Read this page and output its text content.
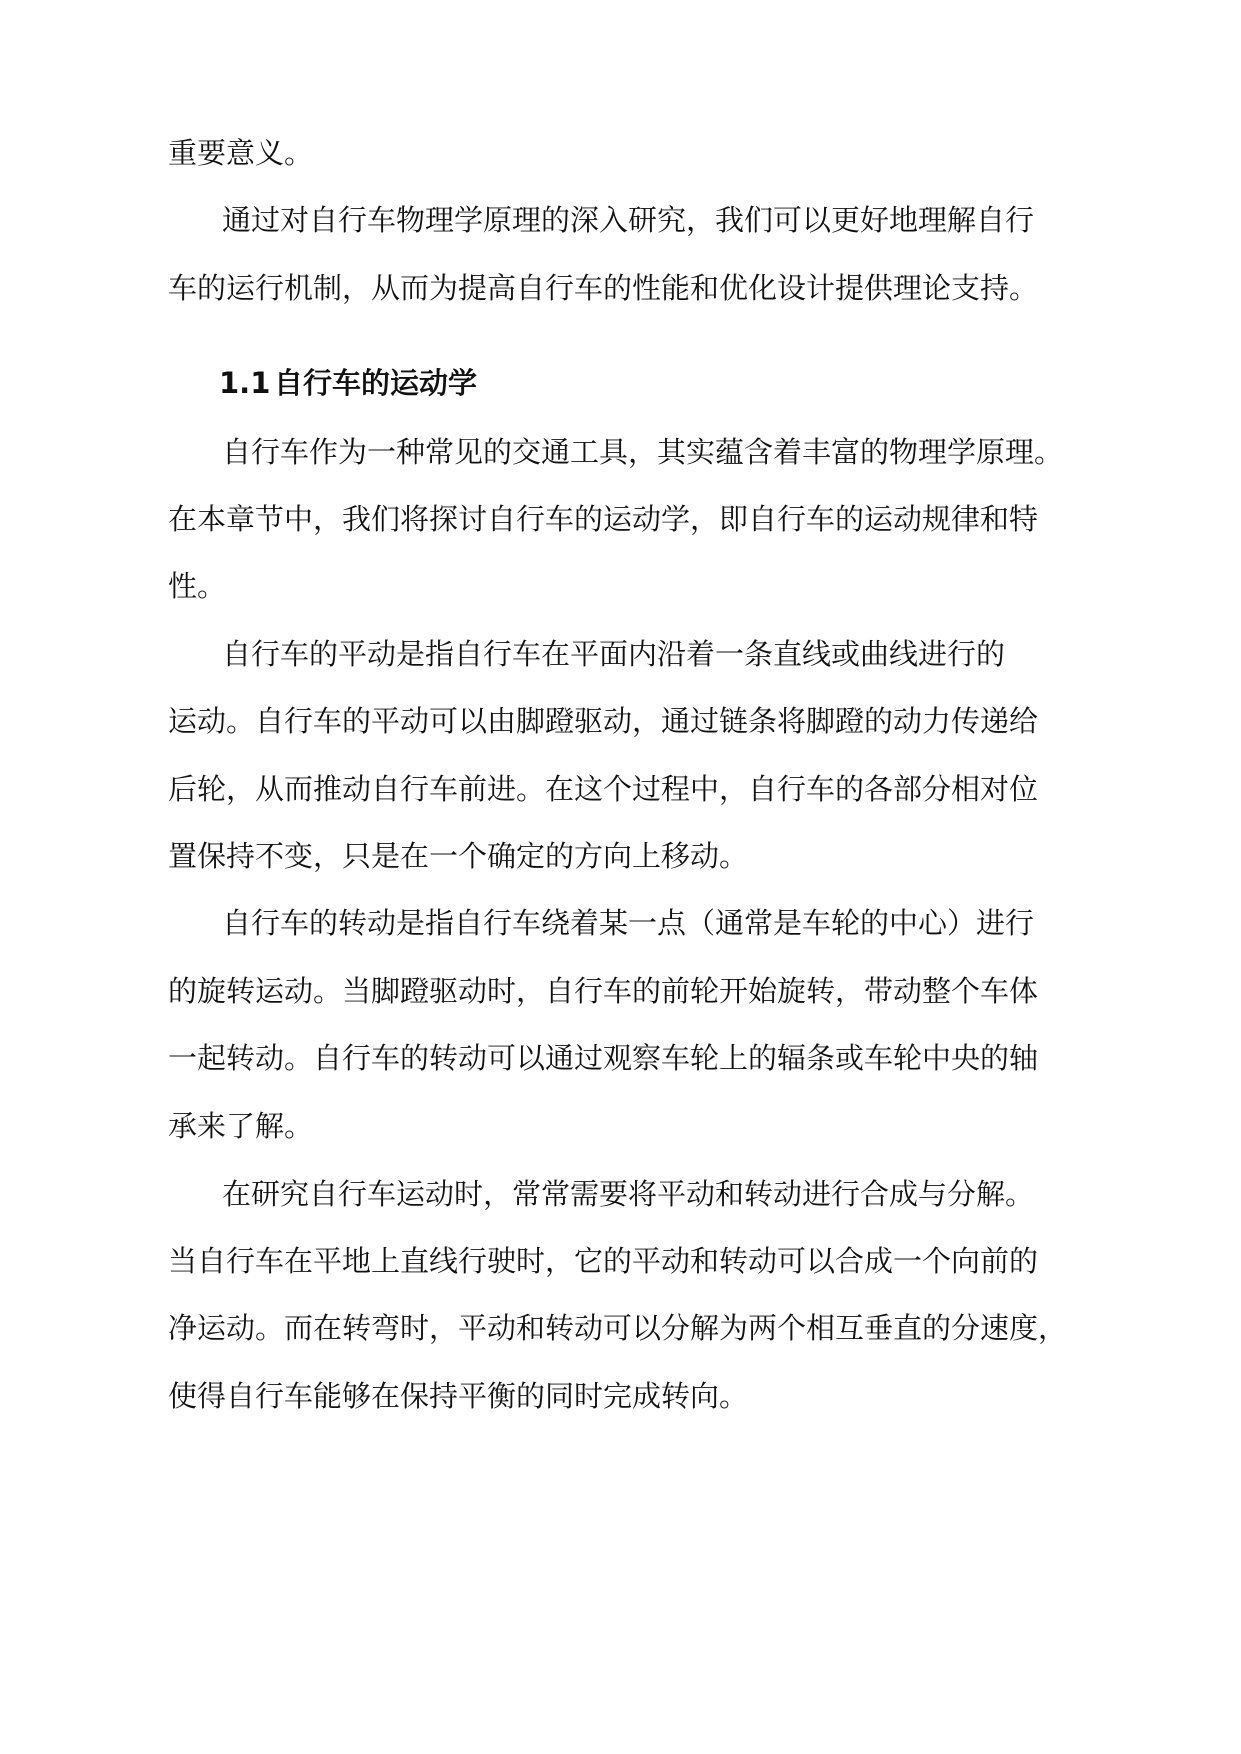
重要意义。
通过对自行车物理学原理的深入研究，我们可以更好地理解自行
车的运行机制，从而为提高自行车的性能和优化设计提供理论支持。
1.1 自行车的运动学
自行车作为一种常见的交通工具，其实蕴含着丰富的物理学原理。
在本章节中，我们将探讨自行车的运动学，即自行车的运动规律和特
性。
自行车的平动是指自行车在平面内沿着一条直线或曲线进行的
运动。自行车的平动可以由脚蹬驱动，通过链条将脚蹬的动力传递给
后轮，从而推动自行车前进。在这个过程中，自行车的各部分相对位
置保持不变，只是在一个确定的方向上移动。
自行车的转动是指自行车绕着某一点（通常是车轮的中心）进行
的旋转运动。当脚蹬驱动时，自行车的前轮开始旋转，带动整个车体
一起转动。自行车的转动可以通过观察车轮上的辐条或车轮中央的轴
承来了解。
在研究自行车运动时，常常需要将平动和转动进行合成与分解。
当自行车在平地上直线行驶时，它的平动和转动可以合成一个向前的
净运动。而在转弯时，平动和转动可以分解为两个相互垂直的分速度，
使得自行车能够在保持平衡的同时完成转向。
